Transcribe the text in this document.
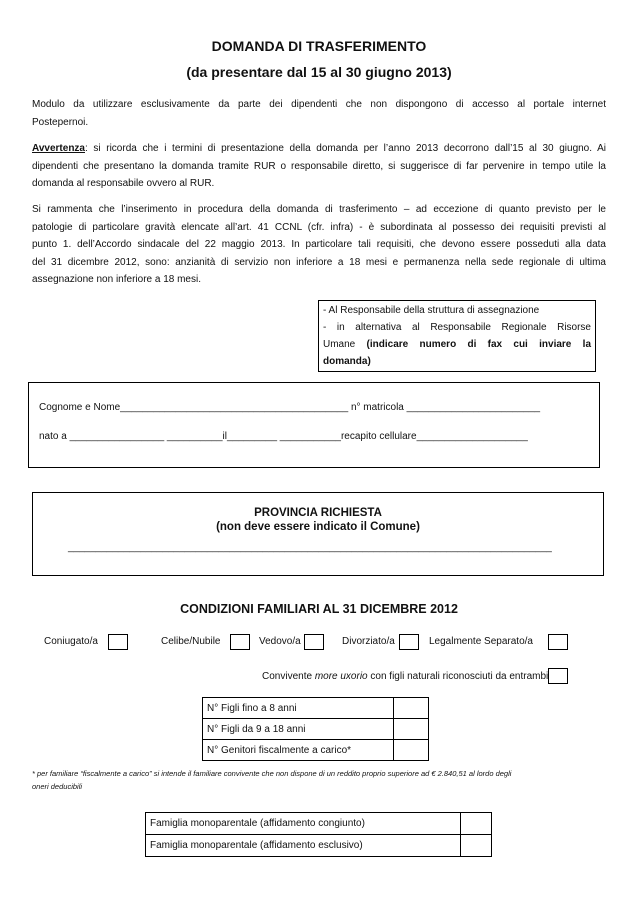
DOMANDA DI TRASFERIMENTO
(da presentare dal 15 al 30 giugno 2013)
Modulo da utilizzare esclusivamente da parte dei dipendenti che non dispongono di accesso al portale internet
Postepernoi.
Avvertenza: si ricorda che i termini di presentazione della domanda per l’anno 2013 decorrono dall’15 al 30 giugno. Ai
dipendenti che presentano la domanda tramite RUR o responsabile diretto, si suggerisce di far pervenire in tempo utile la
domanda al responsabile ovvero al RUR.
Si rammenta che l’inserimento in procedura della domanda di trasferimento – ad eccezione di quanto previsto per le
patologie di particolare gravità elencate all’art. 41 CCNL (cfr. infra) - è subordinata al possesso dei requisiti previsti al
punto 1. dell’Accordo sindacale del 22 maggio 2013. In particolare tali requisiti, che devono essere posseduti alla data
del 31 dicembre 2012, sono: anzianità di servizio non inferiore a 18 mesi e permanenza nella sede regionale di ultima
assegnazione non inferiore a 18 mesi.
- Al Responsabile della struttura di assegnazione
- in alternativa al Responsabile Regionale Risorse
Umane (indicare numero di fax cui inviare la
domanda)
Cognome e Nome_________________________________________ n° matricola ________________________
nato a _________________ __________il_________ ___________recapito cellulare____________________
PROVINCIA RICHIESTA
(non deve essere indicato il Comune)
_______________________________________________________________________________________
CONDIZIONI FAMILIARI AL 31 DICEMBRE 2012
Coniugato/a	Celibe/Nubile	Vedovo/a	Divorziato/a	Legalmente Separato/a
Convivente more uxorio con figli naturali riconosciuti da entrambi
N° Figli fino a 8 anni	
N° Figli da 9 a 18 anni	
N° Genitori fiscalmente a carico*	
* per familiare “fiscalmente a carico” si intende il familiare convivente che non dispone di un reddito proprio superiore ad € 2.840,51 al lordo degli
oneri deducibili
Famiglia monoparentale (affidamento congiunto)	
Famiglia monoparentale (affidamento esclusivo)	
